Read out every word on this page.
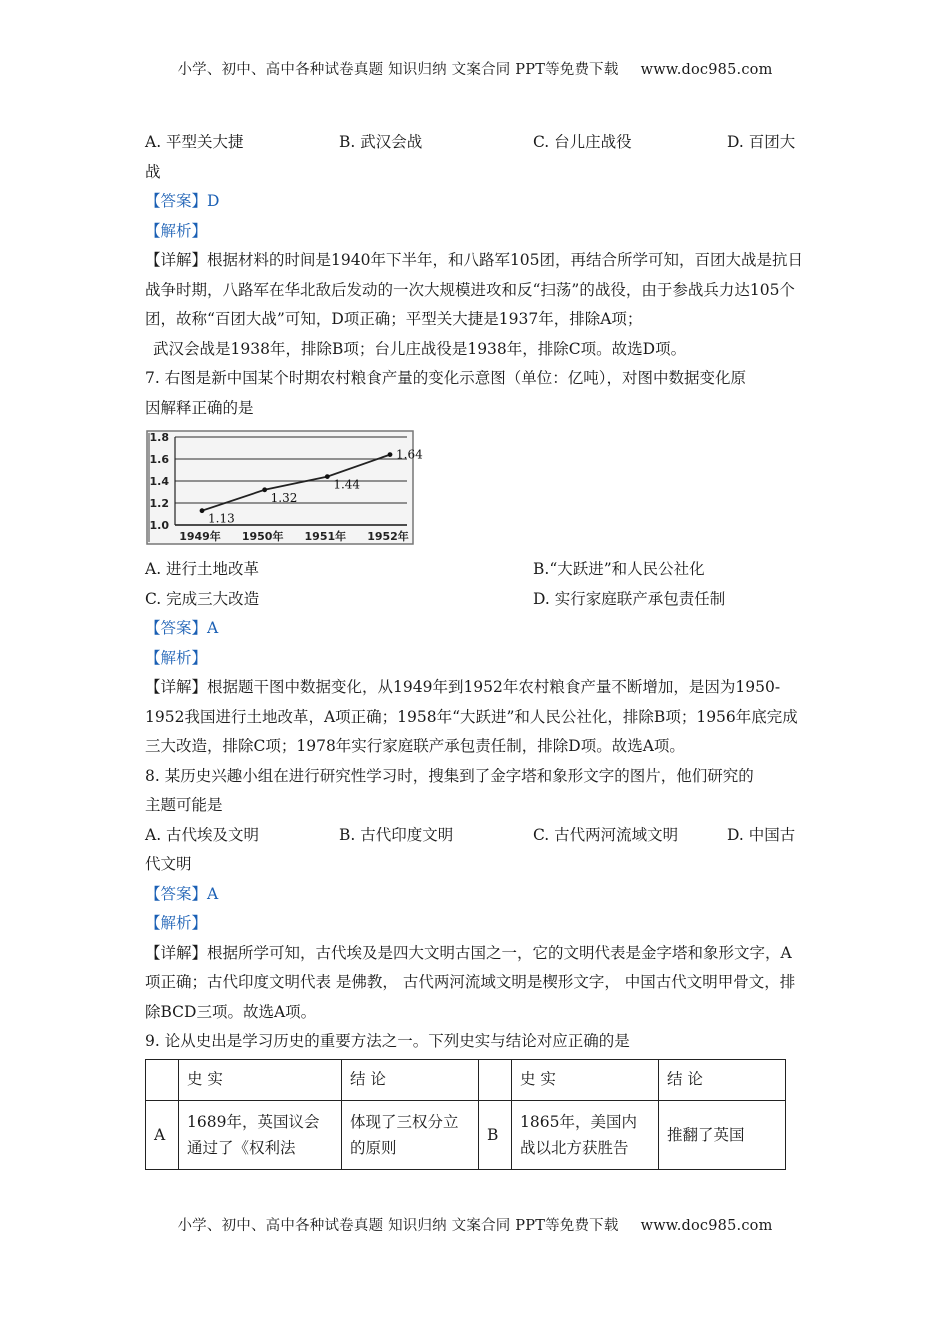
小学、初中、高中各种试卷真题 知识归纳 文案合同 PPT等免费下载 www.doc985.com
A. 平型关大捷	B. 武汉会战	C. 台儿庄战役	D. 百团大

战

【答案】D

【解析】

【详解】根据材料的时间是1940年下半年，和八路军105团，再结合所学可知，百团大战是抗日战争时期，八路军在华北敌后发动的一次大规模进攻和反“扫荡”的战役，由于参战兵力达105个团，故称“百团大战”可知，D项正确；平型关大捷是1937年，排除A项；

武汉会战是1938年，排除B项；台儿庄战役是1938年，排除C项。故选D项。

7. 右图是新中国某个时期农村粮食产量的变化示意图（单位：亿吨），对图中数据变化原

因解释正确的是

1.0
1.2
1.4
1.6
1.8
1949年 1950年 1951年 1952年
1.13
1.32
1.44
1.64
A. 进行土地改革	B.“大跃进”和人民公社化
C. 完成三大改造	D. 实行家庭联产承包责任制

【答案】A

【解析】

【详解】根据题干图中数据变化，从1949年到1952年农村粮食产量不断增加，是因为1950-1952我国进行土地改革，A项正确；1958年“大跃进”和人民公社化，排除B项；1956年底完成三大改造，排除C项；1978年实行家庭联产承包责任制，排除D项。故选A项。

8. 某历史兴趣小组在进行研究性学习时，搜集到了金字塔和象形文字的图片，他们研究的

主题可能是

A. 古代埃及文明	B. 古代印度文明	C. 古代两河流域文明	D. 中国古

代文明

【答案】A

【解析】

【详解】根据所学可知，古代埃及是四大文明古国之一，它的文明代表是金字塔和象形文字，A项正确；古代印度文明代表 是佛教， 古代两河流域文明是楔形文字， 中国古代文明甲骨文，排除BCD三项。故选A项。

9. 论从史出是学习历史的重要方法之一。下列史实与结论对应正确的是

	史 实	结 论		史 实	结 论
A	1689年，英国议会通过了《权利法	体现了三权分立的原则	B	1865年，美国内战以北方获胜告	推翻了英国
小学、初中、高中各种试卷真题 知识归纳 文案合同 PPT等免费下载 www.doc985.com
